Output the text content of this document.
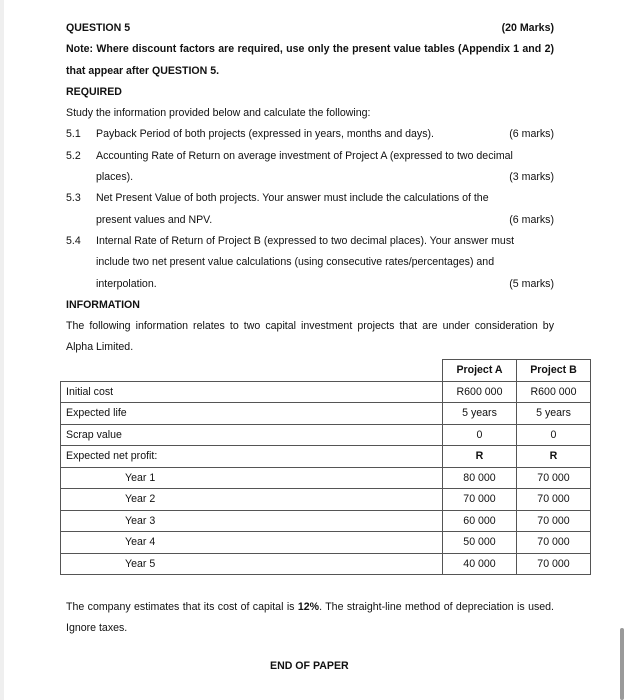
QUESTION 5	(20 Marks)
Note: Where discount factors are required, use only the present value tables (Appendix 1 and 2) that appear after QUESTION 5.
REQUIRED
Study the information provided below and calculate the following:
5.1	Payback Period of both projects (expressed in years, months and days).	(6 marks)
5.2	Accounting Rate of Return on average investment of Project A (expressed to two decimal
places).	(3 marks)
5.3	Net Present Value of both projects. Your answer must include the calculations of the
present values and NPV.	(6 marks)
5.4	Internal Rate of Return of Project B (expressed to two decimal places). Your answer must
include two net present value calculations (using consecutive rates/percentages) and
interpolation.	(5 marks)
INFORMATION
The following information relates to two capital investment projects that are under consideration by Alpha Limited.
	Project A	Project B
Initial cost	R600 000	R600 000
Expected life	5 years	5 years
Scrap value	0	0
Expected net profit:	R	R
Year 1	80 000	70 000
Year 2	70 000	70 000
Year 3	60 000	70 000
Year 4	50 000	70 000
Year 5	40 000	70 000
The company estimates that its cost of capital is 12%. The straight-line method of depreciation is used. Ignore taxes.
END OF PAPER
